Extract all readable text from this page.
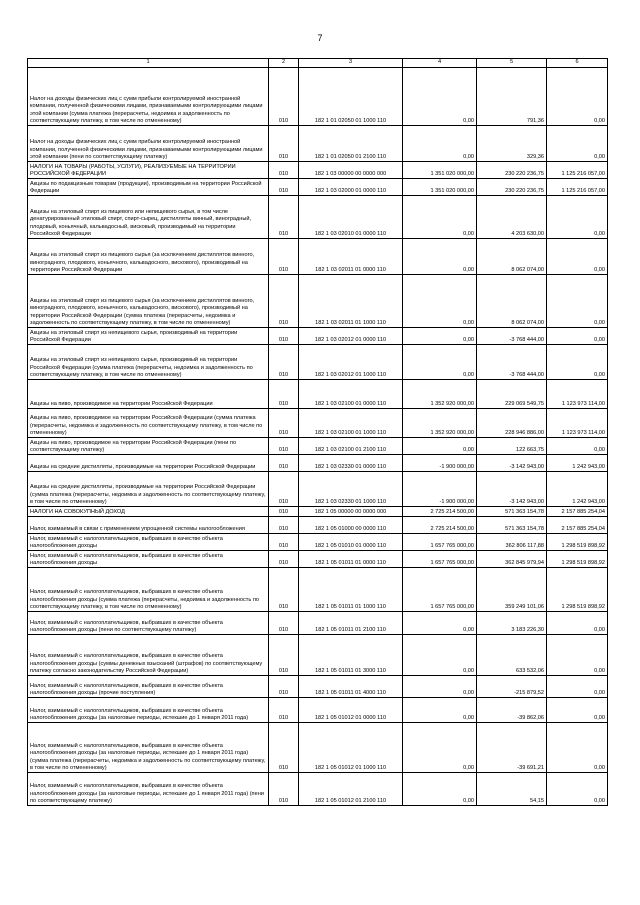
7
1	2	3	4	5	6
Налог на доходы физических лиц с сумм прибыли контролируемой иностранной компании, полученной физическими лицами, признаваемыми контролирующими лицами этой компании (сумма платежа (перерасчеты, недоимка и задолженность по соответствующему платежу, в том числе по отмененному)	010	182 1 01 02050 01 1000 110	0,00	791,36	0,00
Налог на доходы физических лиц с сумм прибыли контролируемой иностранной компании, полученной физическими лицами, признаваемыми контролирующими лицами этой компании (пени по соответствующему платежу)	010	182 1 01 02050 01 2100 110	0,00	329,36	0,00
НАЛОГИ НА ТОВАРЫ (РАБОТЫ, УСЛУГИ), РЕАЛИЗУЕМЫЕ НА ТЕРРИТОРИИ РОССИЙСКОЙ ФЕДЕРАЦИИ	010	182 1 03 00000 00 0000 000	1 351 020 000,00	230 220 236,75	1 125 216 057,00
Акцизы по подакцизным товарам (продукции), производимым на территории Российской Федерации	010	182 1 03 02000 01 0000 110	1 351 020 000,00	230 220 236,75	1 125 216 057,00
Акцизы на этиловый спирт из пищевого или непищевого сырья, в том числе денатурированный этиловый спирт, спирт-сырец, дистилляты винный, виноградный, плодовый, коньячный, кальвадосный, висковый, производимый на территории Российской Федерации	010	182 1 03 02010 01 0000 110	0,00	4 203 630,00	0,00
Акцизы на этиловый спирт из пищевого сырья (за исключением дистиллятов винного, виноградного, плодового, коньячного, кальвадосного, вискового), производимый на территории Российской Федерации	010	182 1 03 02011 01 0000 110	0,00	8 062 074,00	0,00
Акцизы на этиловый спирт из пищевого сырья (за исключением дистиллятов винного, виноградного, плодового, коньячного, кальвадосного, вискового), производимый на территории Российской Федерации (сумма платежа (перерасчеты, недоимка и задолженность по соответствующему платежу, в том числе по отмененному)	010	182 1 03 02011 01 1000 110	0,00	8 062 074,00	0,00
Акцизы на этиловый спирт из непищевого сырья, производимый на территории Российской Федерации	010	182 1 03 02012 01 0000 110	0,00	-3 768 444,00	0,00
Акцизы на этиловый спирт из непищевого сырья, производимый на территории Российской Федерации (сумма платежа (перерасчеты, недоимка и задолженность по соответствующему платежу, в том числе по отмененному)	010	182 1 03 02012 01 1000 110	0,00	-3 768 444,00	0,00
Акцизы на пиво, производимое на территории Российской Федерации	010	182 1 03 02100 01 0000 110	1 352 920 000,00	229 069 549,75	1 123 973 114,00
Акцизы на пиво, производимое на территории Российской Федерации (сумма платежа (перерасчеты, недоимка и задолженность по соответствующему платежу, в том числе по отмененному)	010	182 1 03 02100 01 1000 110	1 352 920 000,00	228 946 886,00	1 123 973 114,00
Акцизы на пиво, производимое на территории Российской Федерации (пени по соответствующему платежу)	010	182 1 03 02100 01 2100 110	0,00	122 663,75	0,00
Акцизы на средние дистилляты, производимые на территории Российской Федерации	010	182 1 03 02330 01 0000 110	-1 900 000,00	-3 142 943,00	1 242 943,00
Акцизы на средние дистилляты, производимые на территории Российской Федерации (сумма платежа (перерасчеты, недоимка и задолженность по соответствующему платежу, в том числе по отмененному)	010	182 1 03 02330 01 1000 110	-1 900 000,00	-3 142 943,00	1 242 943,00
НАЛОГИ НА СОВОКУПНЫЙ ДОХОД	010	182 1 05 00000 00 0000 000	2 725 214 500,00	571 363 154,78	2 157 885 254,04
Налог, взимаемый в связи с применением упрощенной системы налогообложения	010	182 1 05 01000 00 0000 110	2 725 214 500,00	571 363 154,78	2 157 885 254,04
Налог, взимаемый с налогоплательщиков, выбравших в качестве объекта налогообложения доходы	010	182 1 05 01010 01 0000 110	1 657 765 000,00	362 806 117,88	1 298 519 898,92
Налог, взимаемый с налогоплательщиков, выбравших в качестве объекта налогообложения доходы	010	182 1 05 01011 01 0000 110	1 657 765 000,00	362 845 979,94	1 298 519 898,92
Налог, взимаемый с налогоплательщиков, выбравших в качестве объекта налогообложения доходы (сумма платежа (перерасчеты, недоимка и задолженность по соответствующему платежу, в том числе по отмененному)	010	182 1 05 01011 01 1000 110	1 657 765 000,00	359 249 101,06	1 298 519 898,92
Налог, взимаемый с налогоплательщиков, выбравших в качестве объекта налогообложения доходы (пени по соответствующему платежу)	010	182 1 05 01011 01 2100 110	0,00	3 183 226,30	0,00
Налог, взимаемый с налогоплательщиков, выбравших в качестве объекта налогообложения доходы (суммы денежных взысканий (штрафов) по соответствующему платежу согласно законодательству Российской Федерации)	010	182 1 05 01011 01 3000 110	0,00	633 532,06	0,00
Налог, взимаемый с налогоплательщиков, выбравших в качестве объекта налогообложения доходы (прочие поступления)	010	182 1 05 01011 01 4000 110	0,00	-215 879,52	0,00
Налог, взимаемый с налогоплательщиков, выбравших в качестве объекта налогообложения доходы (за налоговые периоды, истекшие до 1 января 2011 года)	010	182 1 05 01012 01 0000 110	0,00	-39 862,06	0,00
Налог, взимаемый с налогоплательщиков, выбравших в качестве объекта налогообложения доходы (за налоговые периоды, истекшие до 1 января 2011 года) (сумма платежа (перерасчеты, недоимка и задолженность по соответствующему платежу, в том числе по отмененному)	010	182 1 05 01012 01 1000 110	0,00	-39 691,21	0,00
Налог, взимаемый с налогоплательщиков, выбравших в качестве объекта налогообложения доходы (за налоговые периоды, истекшие до 1 января 2011 года) (пени по соответствующему платежу)	010	182 1 05 01012 01 2100 110	0,00	54,15	0,00
